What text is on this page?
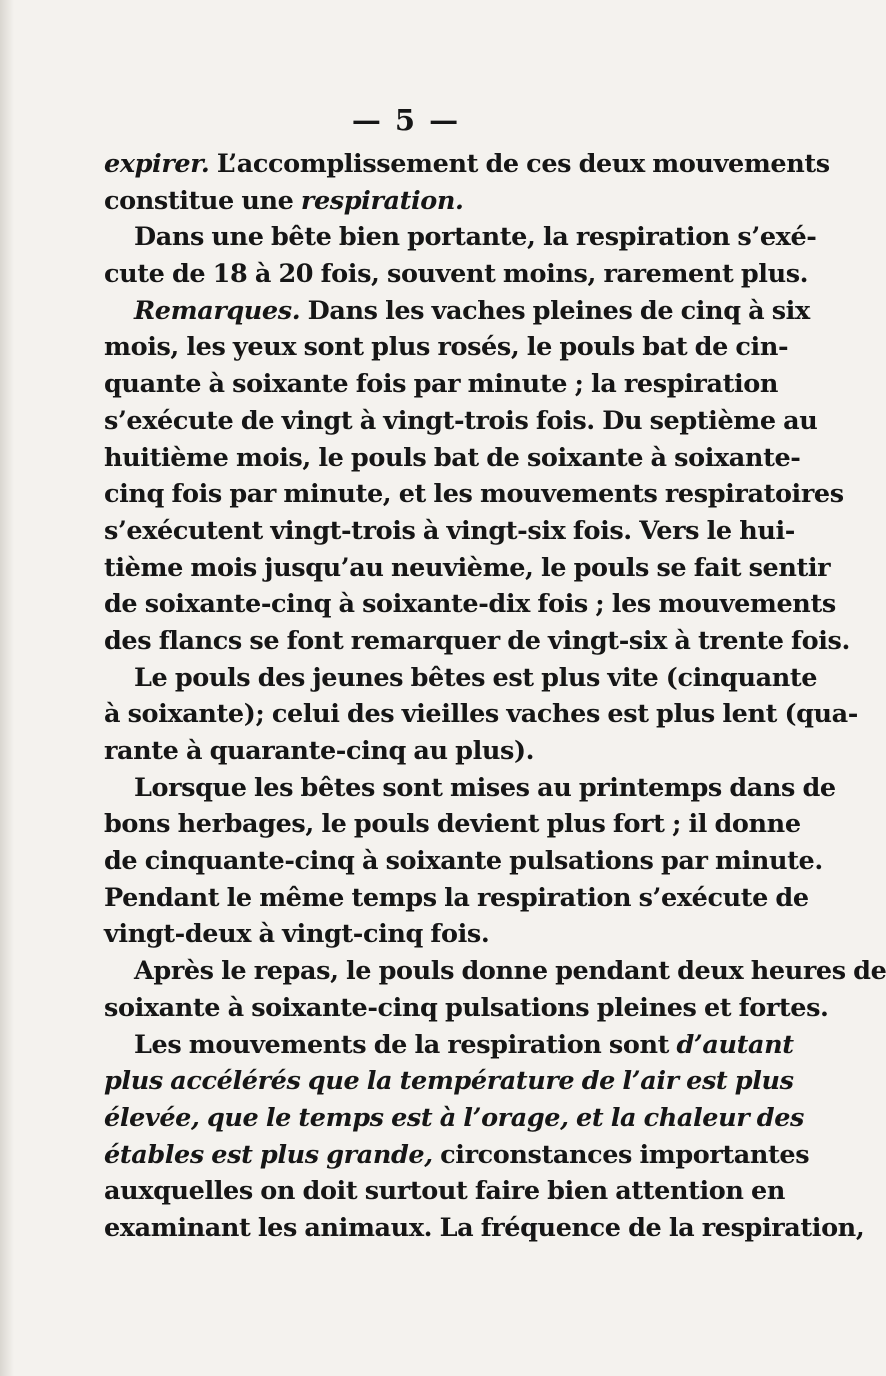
— 5 —
expirer. L’accomplissement de ces deux mouvements
constitue une respiration.
Dans une bête bien portante, la respiration s’exé-
cute de 18 à 20 fois, souvent moins, rarement plus.
Remarques. Dans les vaches pleines de cinq à six
mois, les yeux sont plus rosés, le pouls bat de cin-
quante à soixante fois par minute ; la respiration
s’exécute de vingt à vingt-trois fois. Du septième au
huitième mois, le pouls bat de soixante à soixante-
cinq fois par minute, et les mouvements respiratoires
s’exécutent vingt-trois à vingt-six fois. Vers le hui-
tième mois jusqu’au neuvième, le pouls se fait sentir
de soixante-cinq à soixante-dix fois ; les mouvements
des flancs se font remarquer de vingt-six à trente fois.
Le pouls des jeunes bêtes est plus vite (cinquante
à soixante); celui des vieilles vaches est plus lent (qua-
rante à quarante-cinq au plus).
Lorsque les bêtes sont mises au printemps dans de
bons herbages, le pouls devient plus fort ; il donne
de cinquante-cinq à soixante pulsations par minute.
Pendant le même temps la respiration s’exécute de
vingt-deux à vingt-cinq fois.
Après le repas, le pouls donne pendant deux heures de
soixante à soixante-cinq pulsations pleines et fortes.
Les mouvements de la respiration sont d’autant
plus accélérés que la température de l’air est plus
élevée, que le temps est à l’orage, et la chaleur des
étables est plus grande, circonstances importantes
auxquelles on doit surtout faire bien attention en
examinant les animaux. La fréquence de la respiration,
